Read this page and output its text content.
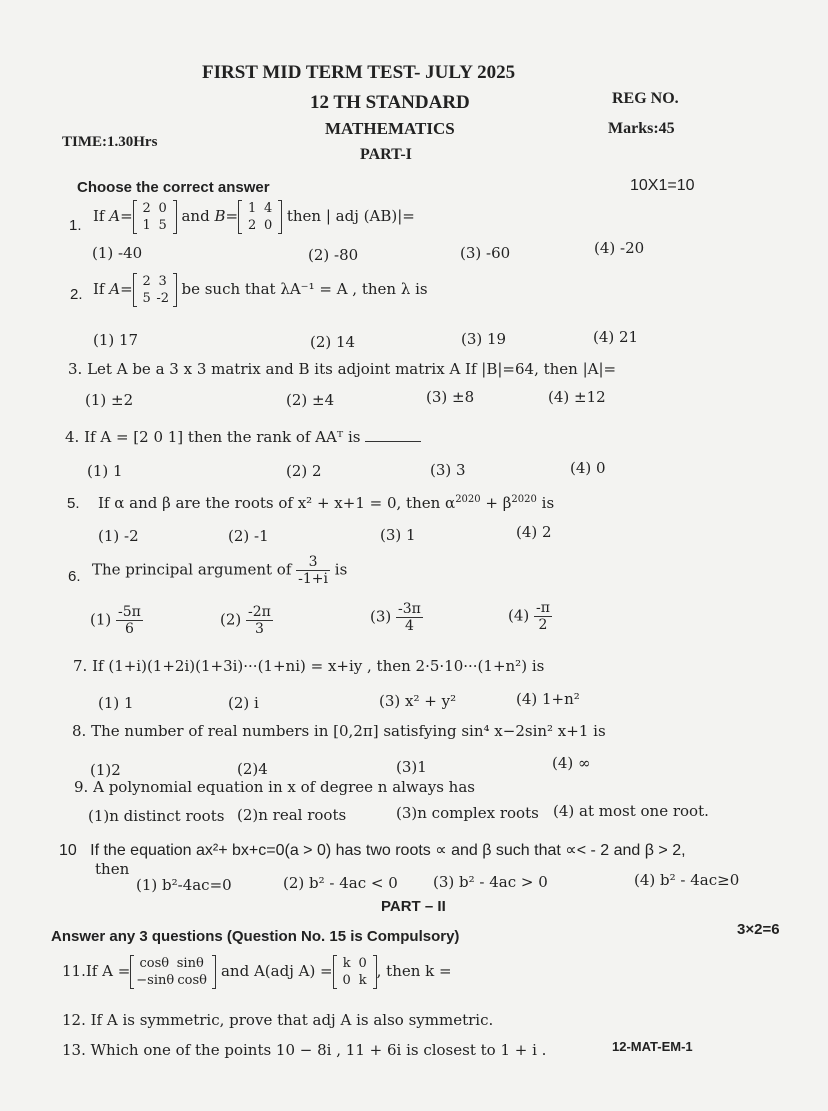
FIRST MID TERM TEST- JULY 2025
12 TH STANDARD	REG NO.
MATHEMATICS	Marks:45
TIME:1.30Hrs
PART-I
Choose the correct answer	10X1=10
1.
If A= 2 0
1 5
and B= 1 4
2 0
then | adj (AB)|=
(1) -40	(2) -80	(3) -60	(4) -20
2. If A= 2 3
5 -2
be such that λA⁻¹ = A , then λ is
(1) 17	(2) 14	(3) 19	(4) 21
3. Let A be a 3 x 3 matrix and B its adjoint matrix A If |B|=64, then |A|=
(1) ±2	(2) ±4	(3) ±8	(4) ±12
4. If A = [2 0 1] then the rank of AAᵀ is
(1) 1	(2) 2	(3) 3	(4) 0
5. If α and β are the roots of x² + x+1 = 0, then $\alpha^{2020} + \beta^{2020}$ is
(1) -2	(2) -1	(3) 1	(4) 2
6. The principal argument of $\frac{3}{-1+i}$ is
$(1) \frac{-5\pi}{6}$	$(2) \frac{-2\pi}{3}$	$(3) \frac{-3\pi}{4}$	$(4) \frac{-\pi}{2}$
7. If (1+i)(1+2i)(1+3i)···(1+ni) = x+iy , then 2·5·10···(1+n²) is
(1) 1	(2) i	(3) x² + y²	(4) 1+n²
8. The number of real numbers in [0,2π] satisfying sin⁴ x−2sin² x+1 is
(1)2	(2)4	(3)1	(4) ∞
9. A polynomial equation in x of degree n always has
(1)n distinct roots (2)n real roots	(3)n complex roots (4) at most one root.
10 If the equation ax²+ bx+c=0(a > 0) has two roots ∝ and β such that ∝< - 2 and β > 2,
then
(1) b²-4ac=0	(2) b² - 4ac < 0 (3) b² - 4ac > 0	(4) b² - 4ac≥0
PART – II
Answer any 3 questions (Question No. 15 is Compulsory)	3×2=6
11.If A = cosθ sinθ
−sinθ cosθ
and A(adj A) = k 0
0 k
, then k =
12. If A is symmetric, prove that adj A is also symmetric.
13. Which one of the points 10 − 8i , 11 + 6i is closest to 1 + i .	12-MAT-EM-1
